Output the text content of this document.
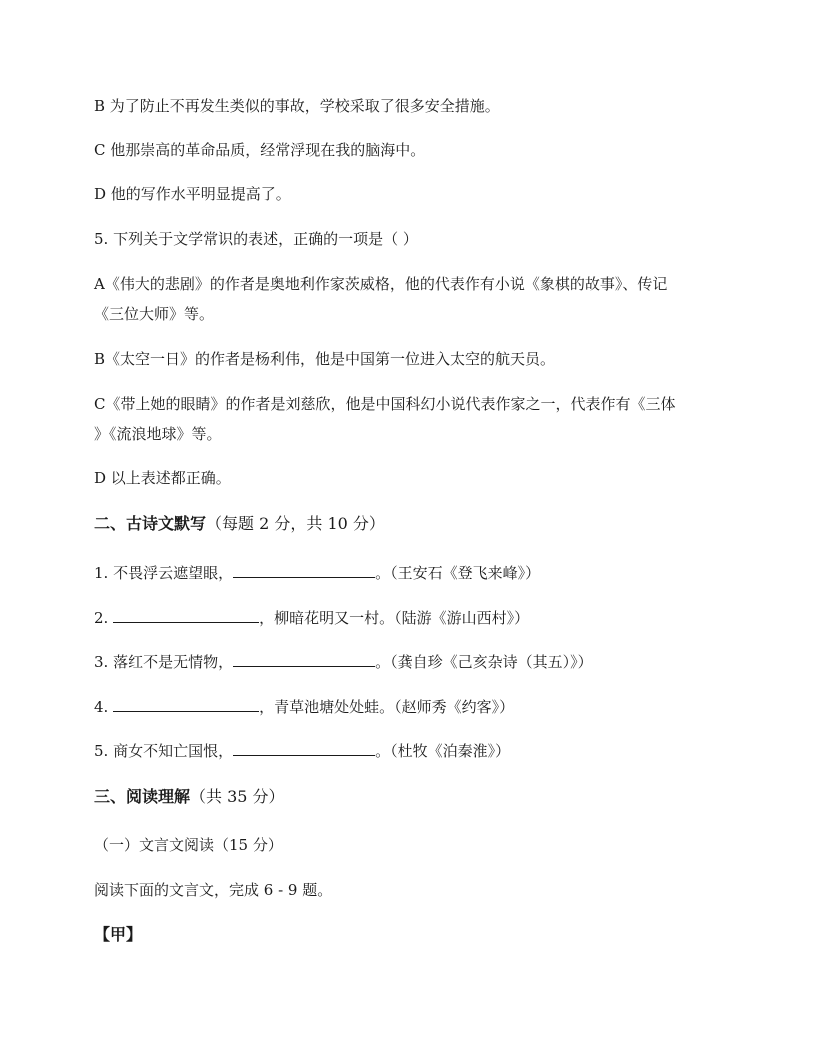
B 为了防止不再发生类似的事故，学校采取了很多安全措施。
C 他那崇高的革命品质，经常浮现在我的脑海中。
D 他的写作水平明显提高了。
5. 下列关于文学常识的表述，正确的一项是（ ）
A《伟大的悲剧》的作者是奥地利作家茨威格，他的代表作有小说《象棋的故事》、传记
《三位大师》等。
B《太空一日》的作者是杨利伟，他是中国第一位进入太空的航天员。
C《带上她的眼睛》的作者是刘慈欣，他是中国科幻小说代表作家之一，代表作有《三体
》《流浪地球》等。
D 以上表述都正确。
二、古诗文默写（每题 2 分，共 10 分）
1. 不畏浮云遮望眼，	。（王安石《登飞来峰》）
2.	，柳暗花明又一村。（陆游《游山西村》）
3. 落红不是无情物，	。（龚自珍《己亥杂诗（其五）》）
4.	，青草池塘处处蛙。（赵师秀《约客》）
5. 商女不知亡国恨，	。（杜牧《泊秦淮》）
三、阅读理解（共 35 分）
（一）文言文阅读（15 分）
阅读下面的文言文，完成 6 - 9 题。
【甲】
